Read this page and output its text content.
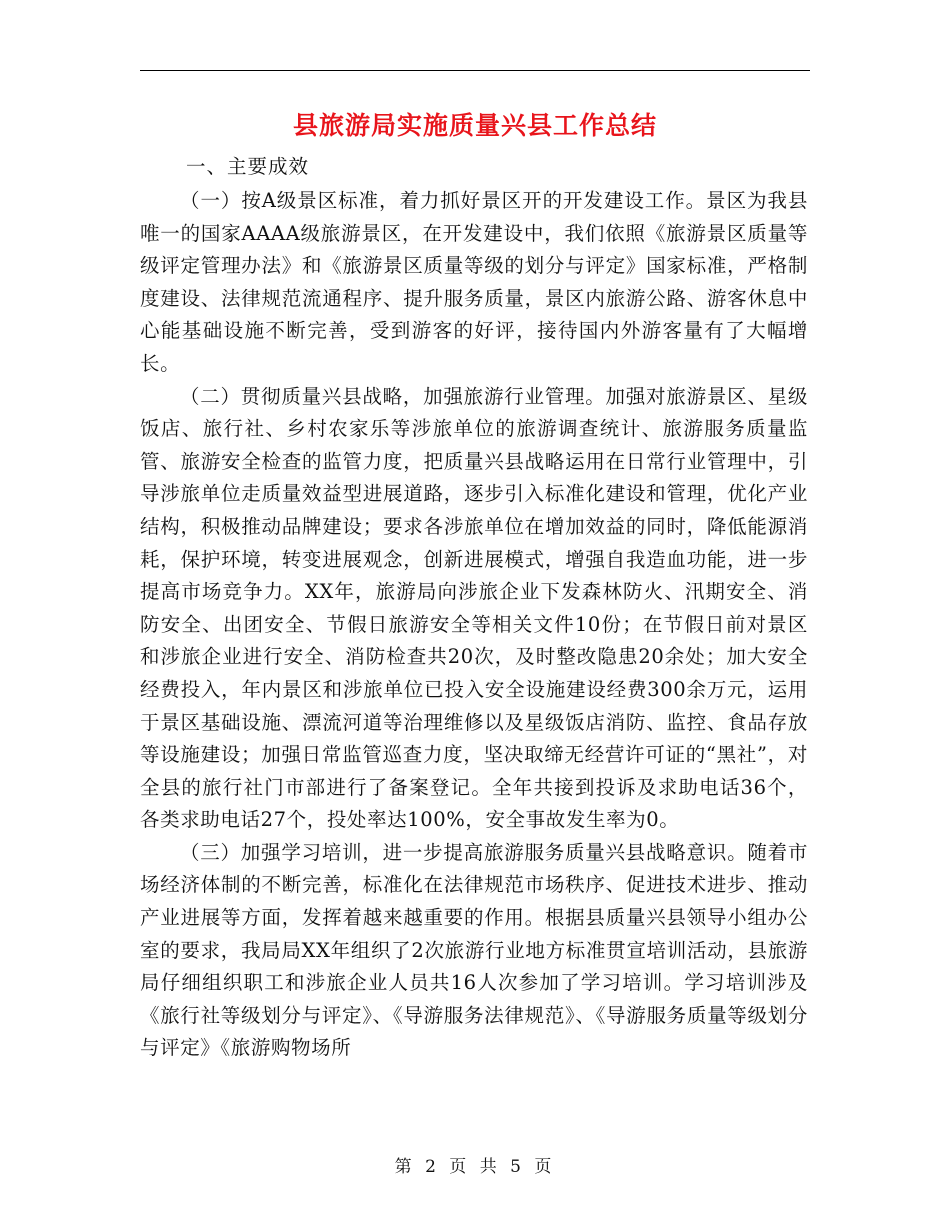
县旅游局实施质量兴县工作总结

一、主要成效

（一）按A级景区标准，着力抓好景区开的开发建设工作。景区为我县唯一的国家AAAA级旅游景区，在开发建设中，我们依照《旅游景区质量等级评定管理办法》和《旅游景区质量等级的划分与评定》国家标准，严格制度建设、法律规范流通程序、提升服务质量，景区内旅游公路、游客休息中心能基础设施不断完善，受到游客的好评，接待国内外游客量有了大幅增长。

（二）贯彻质量兴县战略，加强旅游行业管理。加强对旅游景区、星级饭店、旅行社、乡村农家乐等涉旅单位的旅游调查统计、旅游服务质量监管、旅游安全检查的监管力度，把质量兴县战略运用在日常行业管理中，引导涉旅单位走质量效益型进展道路，逐步引入标准化建设和管理，优化产业结构，积极推动品牌建设；要求各涉旅单位在增加效益的同时，降低能源消耗，保护环境，转变进展观念，创新进展模式，增强自我造血功能，进一步提高市场竞争力。XX年，旅游局向涉旅企业下发森林防火、汛期安全、消防安全、出团安全、节假日旅游安全等相关文件10份；在节假日前对景区和涉旅企业进行安全、消防检查共20次，及时整改隐患20余处；加大安全经费投入，年内景区和涉旅单位已投入安全设施建设经费300余万元，运用于景区基础设施、漂流河道等治理维修以及星级饭店消防、监控、食品存放等设施建设；加强日常监管巡查力度，坚决取缔无经营许可证的“黑社”，对全县的旅行社门市部进行了备案登记。全年共接到投诉及求助电话36个，各类求助电话27个，投处率达100%，安全事故发生率为0。

（三）加强学习培训，进一步提高旅游服务质量兴县战略意识。随着市场经济体制的不断完善，标准化在法律规范市场秩序、促进技术进步、推动产业进展等方面，发挥着越来越重要的作用。根据县质量兴县领导小组办公室的要求，我局局XX年组织了2次旅游行业地方标准贯宣培训活动，县旅游局仔细组织职工和涉旅企业人员共16人次参加了学习培训。学习培训涉及《旅行社等级划分与评定》、《导游服务法律规范》、《导游服务质量等级划分与评定》《旅游购物场所

第 2 页 共 5 页
